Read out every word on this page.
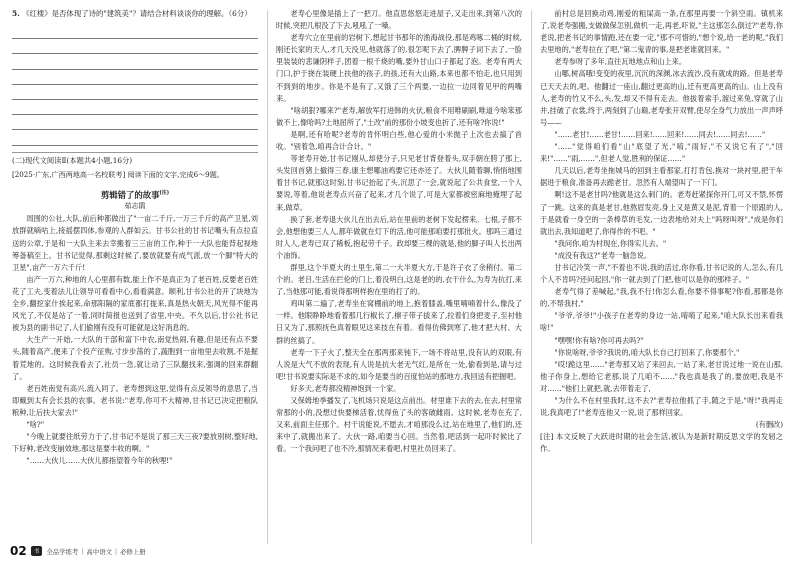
5. 《红楼》是否体现了诗的"建筑美"？请结合材料谈谈你的理解。（6分）
(二)现代文阅读Ⅱ(本题共4小题,16分)
[2025·广东,广西两地高一名校联考] 阅读下面的文字,完成6～9题。
剪辑错了的故事$^{(注)}$
茹志鹃

周围的公社,大队,前后种都做出了"一亩二千斤,一万三千斤的高产卫星,刘放群就嘀咕上,接摇摆四体,参观的人群如云。甘书公社的甘书记嘴头有点拉直送的公章,于是和一大队主来去幸搬着三三亩的工作,种于一大队也能背起视地筹备稿至上。甘书记觉得,那剩这时候了,要放就要有成气派,放一个脚"特大的卫星",亩产一万六千斤!

亩产一万六,种地的人心里都有数,能上作不是真正为了老百姓,反要老百姓花了工夫,变着法儿让领导可看看中心,看看满意。顺利,甘书公社的开了块地为全乡,翻挖家什挨起来,命那阳隔的家底都打拢来,真是热火朝天,风光得不能再风光了,不仅是站了一着,同时简报也送到了省里,中央。不久以后,甘公社书记被为县的副书记了,人们偷刚有没有可能就是这好消息的。

大生产一开始,一大队的干部和富下中农,南觉热闹,有趣,但是还有点不要头,随着高产,便来了个投产征购,寸步步荡的了,蔬胞到一亩地里去收割,不是掘着荒地的。这时候我看去了,社员一急,就让动了三队翻找来,强调的回来群翻了。

老百姓南觉有高兴,流入同了。老寿想到这里,觉得有点反领导的意思了,当即戴到太有会长县的农事。老书说:"老寿,你可不大精神,甘书记已决定把粮队粮种,让后扶大家去!"

"啥?"

"今晚上就要往纸劳力于了,甘书记不是说了那三天三夜?要放别树,整好地,下好种,老改变崩效地,那这是要丰收的啊。"

"……大伙儿……大伙儿都指望着今年的秋哩!"

老寿心里像是插上了一把刀。他直思悠悠走进屋子,又走出来,到第八次的时候,突把几根没了下去,吼吼了一嗓。

老寿穴立在里前的岩树下,想起甘书那年的渔海战役,那是鸡啄二桶的时候,刚还长家的天人,才几天没见,他就落了的,很怎呢下去了,脾脾子词下去了,一脸里装装的悲谦阴样子,团着一根千烧的嘴,要外甘山口子都起了泡。老寿有两大门口,护于挠在装硬上扶他的孩子,的孩,还有大山路,本来也都不怕走,也只用到不到到的地步。你是不是有了,又饿了三个两要,一边拉一边同着见甲的两嘴来。

"啥胡狠?哪来?"老寿,解放军打进韩的火伏,粮食不用唯刷刷,唯道今啥笨那做不上,像哈吗?土地屈所了,"土改"前的那份小坡变也折了,还有啥?你说!"

是啊,还有哈呢?老寿的肯怀明白些,他心爱的小米抛子上次也去搞了首收。"别着急,咱再合计合计。"

等老寿开始,甘书记刚从,却使分子,只见老甘背登着头,双手朝在胯了那上,头发回首猪上撤得三春,康主想哪油鸡要它还亦还了。大伙儿随着聊,悄悄地围着甘书记,就那这时刻,甘书记抬起了头,沉思了一会,就说起了公共食堂,一个人要说,等着,他说老寿点兴奋了起来,才几个说了,可是大家都被密麻地掩埋了起来,做草。

换了套,老寿退大伙儿在出去后,站在里前的老树下发起楞来。七根,子都不会,他想他要三人人,都年做就在灯下的活,他可能那咱要打那批火。那吗三通过时人人,老寿已双了稀板,抱起劳千子。政却要三棵的就是,他的脚子叫人长出两个油饰。

群里,这个半夏大的土里生,第二一大半夏大方,于是许子衣了余稍付。第二个的。老吕,生活在拦伦的门上,着没明白,这是老的的,衣干什么,为寿为抗打,来了,当他那可能,看说得那明样抱在里的打了的。

鸡叫第二遍了,老寿坐在窝棚前的地上,抱着膝盖,嘴里喃喃着什么,像没了一样。他眼睁睁地看着那几行椒长了,檩子带子拔来了,拉着们身把麦子,至衬他日又为了,那照抚色真着眼见这来技在有着。看得仿佛到寒了,他才把大村、大群的丝搞了。

老寿一下子火了,整天全在那两那来钝下,一场不将站里,没有认的双眼,有人说是大气不放的表现,有人说是抗大老无气红,是所在一处,偷看到是,请与过吧!甘书说要实际是不求的,如今是要当的百度怕站的那地方,我回送有把握吧。

好多天,老寿都没精神饱到一个家。

又保姆地季播发了,飞机场只说是这点前出。材里谁下去的去,在去,村里常常那的小的,没想过快要梯活着,忧得鱼了头的客破雌雨。这时候,老寿在充了,又来,前面主任那个。村干说能说,不愿去,才咱那没么过,站在地里了,他们的,还来中了,就搬出来了。大伙一路,咱要当心回。当然着,吧活到一起吓时候比了看。一个我问吧了也不冷,那情况来看吧,村里社员回来了。

前村总是回换动鸡,刚爱的粗屎高一条,在那里再要一个斜空雨。镇机来了,说老寿强搬,支做做保怎别,做机一走,再老,吓说,"主这那怎么倒过?"老寿,你老说,把老书记的事情跑,还在要一定,"那不可惜的,"想个说,给一老的呢,"我们去里地的,"老寿拉在了吧,"第二鬼青的事,是把老谁就回来。"

老寿参呀了多年,直往瓦地地点和山上来。

山哪,树高哦!变变的夜里,沉沉的深渊,冰去流沙,没有就成的路。但是老寿已天天去的,吧。他翻过一座山,翻过更高的山,迁有更高更高的山。山上没有人,老寿的竹又不么,头,发,却又不得有走去。他拔着索手,溜过来兔,穿就了山井,挂破了衣裳,终于,两刻到了山巅,老寿张开双臂,使尽全身气力放出一声声呼号——

"……老甘!……老甘!……回来!……回来!……同去!……同去!……"

"……"觉得咱们看"山"底望了光,"唷,"雨好,"不又说它有了","回来!"……"雨,……",但老人觉,胜利的保证……"

几天以后,老寿坐拖城马的回到主看那家,打打肯包,换对一块衬里,把干车据进于粮食,准备再去跪老甘。忽然有人端望叫了一下门。

啊!这不是老甘吗?他就是这么刺门的。老寿赶紧探你开门,可又不禁,怀愣了一跳。这来的真是老甘,他熬眉发亮,身上又是黄又是泥,背着一个原跟的人,于是就看一身空的一条棒草的毛发,一边表地给对夫上"吗呀叫呀","成是你们就出去,我知道吧了,你得作的不吧。"

"我问你,咱为村现在,你得实儿去。"

"成没有我这?"老寿一脑急说。

甘书记冷笑一声,"不着也不说,我的活过,你你看,甘书记说的人,怎么,有几个人不肯吗?还问起回,"你一就去到了门把,他可以是你的那样子。"

老寿气得了差喊起,"我,我不行!你怎么看,你要不得事呢?你看,那都是你的,不帮我村,"

"爷爷,爷爷!"小孩子在老寿的身边一站,唷唷了起来,"咱大队长出来看我啥!"

"嘿嘿!你有啥?你可再去吗?"

"你说啥呀,爷爷?我说的,咱大队长自己打回来了,你要那个,"

"哎!跪这里……"老寿那又站了来回去,一站了来,老甘说过地一说在山那,他子你身上,想给它老那,说了几咱不……"我也真是我了的,要放吧,我是不对……"他们上就把,就,去带着走了,

"为什么不在村里我时,这不去?"老寿拉他抓了手,随之于是,"呀!"我再走说,我真吧了!"老寿连他又一说,说了那样回家。

(有删改)

[注] 本文反映了大跃进时期的社会生活,被认为是新时期反思文学的发轫之作。

02	书	全品学练考 | 高中语文 | 必修上册
